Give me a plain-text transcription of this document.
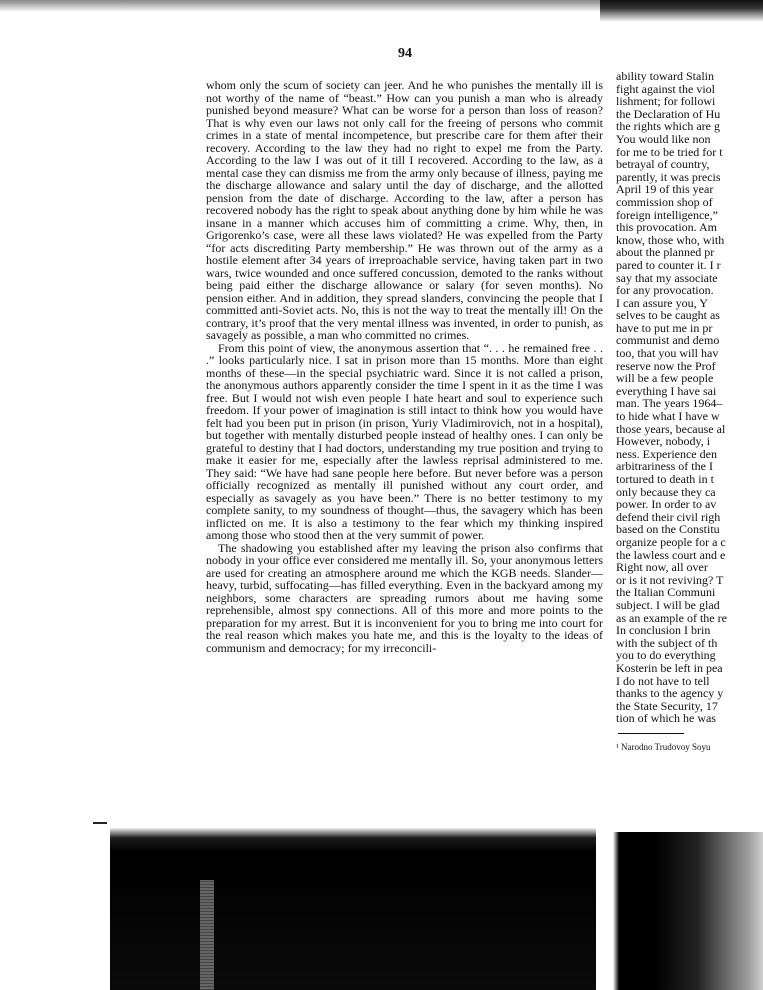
94

whom only the scum of society can jeer. And he who punishes the mentally ill is not worthy of the name of “beast.” How can you punish a man who is already punished beyond measure? What can be worse for a person than loss of reason? That is why even our laws not only call for the freeing of persons who commit crimes in a state of mental incompetence, but prescribe care for them after their recovery. According to the law they had no right to expel me from the Party. According to the law I was out of it till I recovered. According to the law, as a mental case they can dismiss me from the army only because of illness, paying me the discharge allowance and salary until the day of discharge, and the allotted pension from the date of discharge. According to the law, after a person has recovered nobody has the right to speak about anything done by him while he was insane in a manner which accuses him of committing a crime. Why, then, in Grigorenko’s case, were all these laws violated? He was expelled from the Party “for acts discrediting Party membership.” He was thrown out of the army as a hostile element after 34 years of irreproachable service, having taken part in two wars, twice wounded and once suffered concussion, demoted to the ranks without being paid either the discharge allowance or salary (for seven months). No pension either. And in addition, they spread slanders, convincing the people that I committed anti-Soviet acts. No, this is not the way to treat the mentally ill! On the contrary, it’s proof that the very mental illness was invented, in order to punish, as savagely as possible, a man who committed no crimes.

From this point of view, the anonymous assertion that “. . . he remained free . . .” looks particularly nice. I sat in prison more than 15 months. More than eight months of these—in the special psychiatric ward. Since it is not called a prison, the anonymous authors apparently consider the time I spent in it as the time I was free. But I would not wish even people I hate heart and soul to experience such freedom. If your power of imagination is still intact to think how you would have felt had you been put in prison (in prison, Yuriy Vladimirovich, not in a hospital), but together with mentally disturbed people instead of healthy ones. I can only be grateful to destiny that I had doctors, understanding my true position and trying to make it easier for me, especially after the lawless reprisal administered to me. They said: “We have had sane people here before. But never before was a person officially recognized as mentally ill punished without any court order, and especially as savagely as you have been.” There is no better testimony to my complete sanity, to my soundness of thought—thus, the savagery which has been inflicted on me. It is also a testimony to the fear which my thinking inspired among those who stood then at the very summit of power.

The shadowing you established after my leaving the prison also confirms that nobody in your office ever considered me mentally ill. So, your anonymous letters are used for creating an atmosphere around me which the KGB needs. Slander—heavy, turbid, suffocating—has filled everything. Even in the backyard among my neighbors, some characters are spreading rumors about me having some reprehensible, almost spy connections. All of this more and more points to the preparation for my arrest. But it is inconvenient for you to bring me into court for the real reason which makes you hate me, and this is the loyalty to the ideas of communism and democracy; for my irreconcili-

ability toward Stalin
fight against the viol
lishment; for followi
the Declaration of Hu
the rights which are g
You would like non
for me to be tried for t
betrayal of country,
parently, it was precis
April 19 of this year
commission shop of
foreign intelligence,”
this provocation. Am
know, those who, with
about the planned pr
pared to counter it. I r
say that my associate
for any provocation.
I can assure you, Y
selves to be caught as
have to put me in pr
communist and demo
too, that you will hav
reserve now the Prof
will be a few people
everything I have sai
man. The years 1964–
to hide what I have w
those years, because al
However, nobody, i
ness. Experience den
arbitrariness of the I
tortured to death in t
only because they ca
power. In order to av
defend their civil righ
based on the Constitu
organize people for a c
the lawless court and e
Right now, all over
or is it not reviving? T
the Italian Communi
subject. I will be glad
as an example of the re
In conclusion I brin
with the subject of th
you to do everything
Kosterin be left in pea
I do not have to tell
thanks to the agency y
the State Security, 17
tion of which he was
¹ Narodno Trudovoy Soyu
